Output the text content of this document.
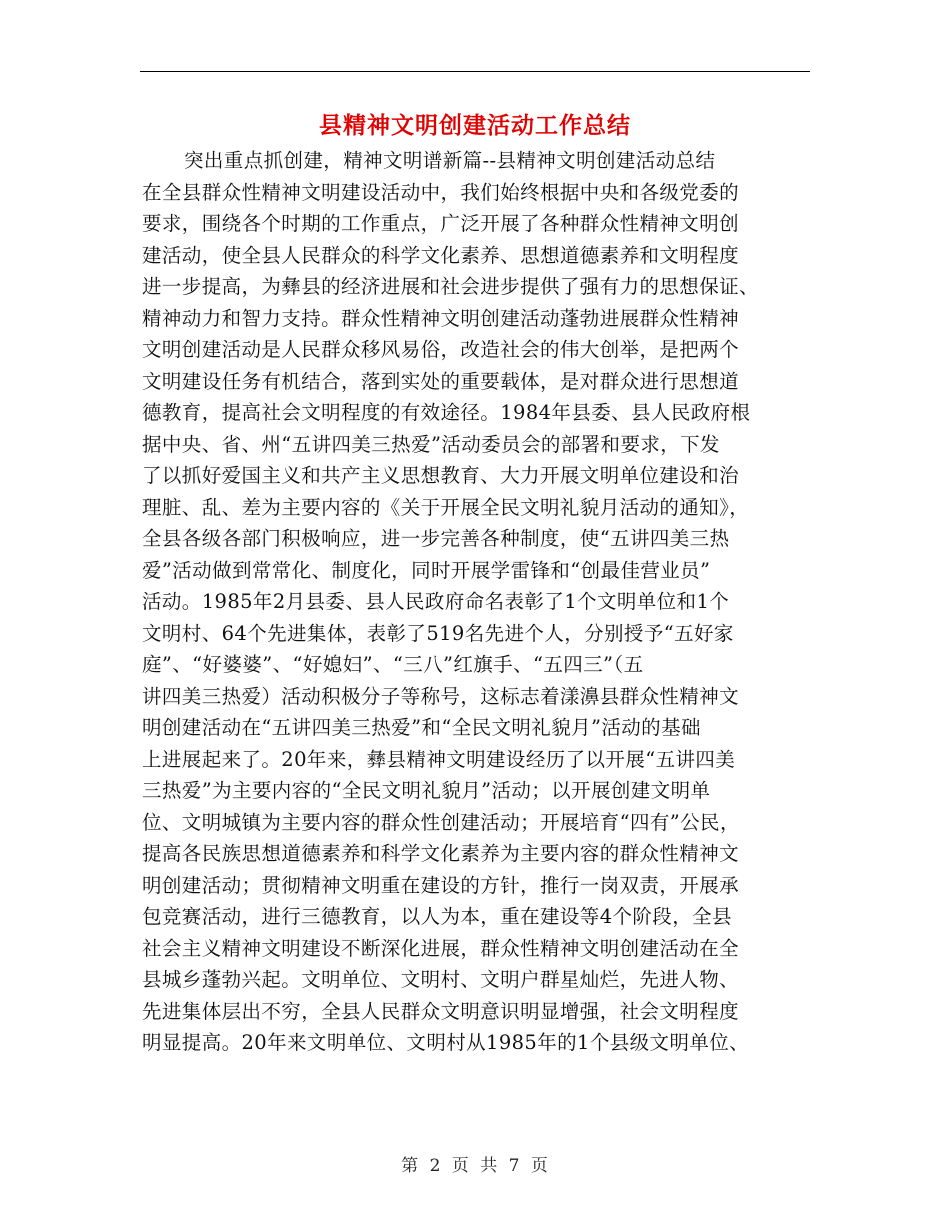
县精神文明创建活动工作总结

突出重点抓创建，精神文明谱新篇--县精神文明创建活动总结

在全县群众性精神文明建设活动中，我们始终根据中央和各级党委的

要求，围绕各个时期的工作重点，广泛开展了各种群众性精神文明创

建活动，使全县人民群众的科学文化素养、思想道德素养和文明程度

进一步提高，为彝县的经济进展和社会进步提供了强有力的思想保证、

精神动力和智力支持。群众性精神文明创建活动蓬勃进展群众性精神

文明创建活动是人民群众移风易俗，改造社会的伟大创举，是把两个

文明建设任务有机结合，落到实处的重要载体，是对群众进行思想道

德教育，提高社会文明程度的有效途径。1984年县委、县人民政府根

据中央、省、州“五讲四美三热爱”活动委员会的部署和要求，下发

了以抓好爱国主义和共产主义思想教育、大力开展文明单位建设和治

理脏、乱、差为主要内容的《关于开展全民文明礼貌月活动的通知》，

全县各级各部门积极响应，进一步完善各种制度，使“五讲四美三热

爱”活动做到常常化、制度化，同时开展学雷锋和“创最佳营业员”

活动。1985年2月县委、县人民政府命名表彰了1个文明单位和1个

文明村、64个先进集体，表彰了519名先进个人，分别授予“五好家

庭”、“好婆婆”、“好媳妇”、“三八”红旗手、“五四三”（五

讲四美三热爱）活动积极分子等称号，这标志着漾濞县群众性精神文

明创建活动在“五讲四美三热爱”和“全民文明礼貌月”活动的基础

上进展起来了。20年来，彝县精神文明建设经历了以开展“五讲四美

三热爱”为主要内容的“全民文明礼貌月”活动；以开展创建文明单

位、文明城镇为主要内容的群众性创建活动；开展培育“四有”公民，

提高各民族思想道德素养和科学文化素养为主要内容的群众性精神文

明创建活动；贯彻精神文明重在建设的方针，推行一岗双责，开展承

包竞赛活动，进行三德教育，以人为本，重在建设等4个阶段，全县

社会主义精神文明建设不断深化进展，群众性精神文明创建活动在全

县城乡蓬勃兴起。文明单位、文明村、文明户群星灿烂，先进人物、

先进集体层出不穷，全县人民群众文明意识明显增强，社会文明程度

明显提高。20年来文明单位、文明村从1985年的1个县级文明单位、

第 2 页 共 7 页
